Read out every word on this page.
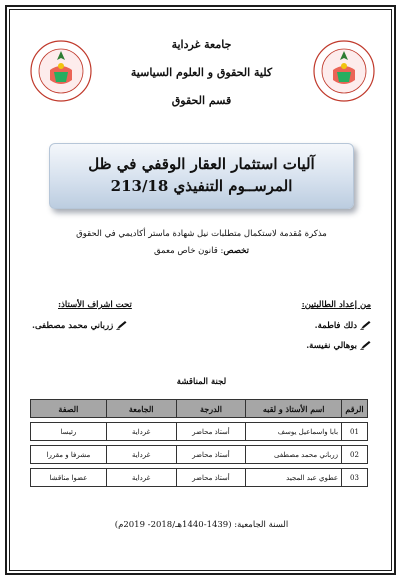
جامعة غرداية
كلية الحقوق و العلوم السياسية
قسم الحقوق
آليات استثمار العقار الوقفي في ظل
المرســوم التنفيذي 213/18
مذكرة مُقدمة لاستكمال متطلبات نيل شهادة ماستر أكاديمي في الحقوق
تخصص: قانون خاص معمق
من إعداد الطالبتين:
دلك فاطمة.
بوهالي نفيسة.
تحت اشراف الأستاذ:
زرباني محمد مصطفى.
لجنة المناقشة
الرقم	اسم الأستاذ و لقبه	الدرجة	الجامعة	الصفة

01	بابا واسماعيل يوسف	أستاذ محاضر	غرداية	رئيسا

02	زرباني محمد مصطفى	أستاذ محاضر	غرداية	مشرفا و مقررا

03	عطوي عبد المجيد	أستاذ محاضر	غرداية	عضوا مناقشا
السنة الجامعية: (1439-1440هـ/2018- 2019م)
